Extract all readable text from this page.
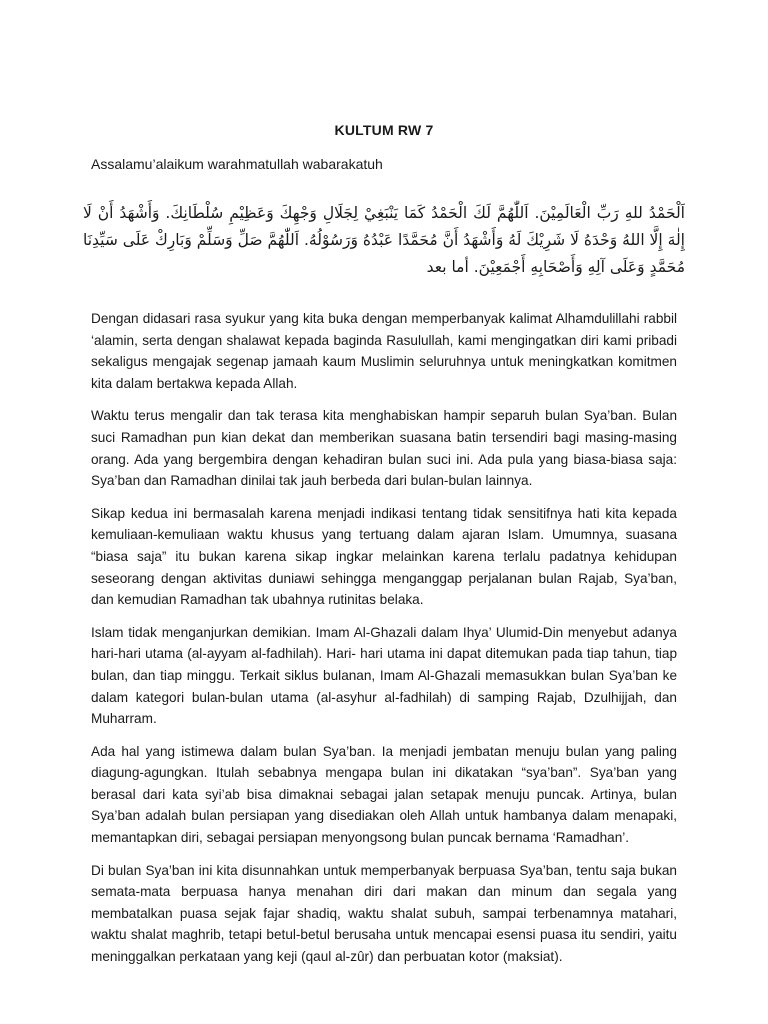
KULTUM RW 7
Assalamu’alaikum warahmatullah wabarakatuh
اَلْحَمْدُ للهِ رَبِّ الْعَالَمِيْنَ. اَللّٰهُمَّ لَكَ الْحَمْدُ كَمَا يَنْبَغِيْ لِجَلَالِ وَجْهِكَ وَعَظِيْمِ سُلْطَانِكَ. وَأَشْهَدُ أَنْ لَا إِلٰهَ إِلَّا اللهُ وَحْدَهُ لَا شَرِيْكَ لَهُ وَأَشْهَدُ أَنَّ مُحَمَّدًا عَبْدُهُ وَرَسُوْلُهُ. اَللّٰهُمَّ صَلِّ وَسَلِّمْ وَبَارِكْ عَلَى سَيِّدِنَا مُحَمَّدٍ وَعَلَى آلِهِ وَأَصْحَابِهِ أَجْمَعِيْنَ. أما بعد

Dengan didasari rasa syukur yang kita buka dengan memperbanyak kalimat Alhamdulillahi rabbil ‘alamin, serta dengan shalawat kepada baginda Rasulullah, kami mengingatkan diri kami pribadi sekaligus mengajak segenap jamaah kaum Muslimin seluruhnya untuk meningkatkan komitmen kita dalam bertakwa kepada Allah.

Waktu terus mengalir dan tak terasa kita menghabiskan hampir separuh bulan Sya’ban. Bulan suci Ramadhan pun kian dekat dan memberikan suasana batin tersendiri bagi masing-masing orang. Ada yang bergembira dengan kehadiran bulan suci ini. Ada pula yang biasa-biasa saja: Sya’ban dan Ramadhan dinilai tak jauh berbeda dari bulan-bulan lainnya.

Sikap kedua ini bermasalah karena menjadi indikasi tentang tidak sensitifnya hati kita kepada kemuliaan-kemuliaan waktu khusus yang tertuang dalam ajaran Islam. Umumnya, suasana “biasa saja” itu bukan karena sikap ingkar melainkan karena terlalu padatnya kehidupan seseorang dengan aktivitas duniawi sehingga menganggap perjalanan bulan Rajab, Sya’ban, dan kemudian Ramadhan tak ubahnya rutinitas belaka.

Islam tidak menganjurkan demikian. Imam Al-Ghazali dalam Ihya’ Ulumid-Din menyebut adanya hari-hari utama (al-ayyam al-fadhilah). Hari- hari utama ini dapat ditemukan pada tiap tahun, tiap bulan, dan tiap minggu. Terkait siklus bulanan, Imam Al-Ghazali memasukkan bulan Sya’ban ke dalam kategori bulan-bulan utama (al-asyhur al-fadhilah) di samping Rajab, Dzulhijjah, dan Muharram.

Ada hal yang istimewa dalam bulan Sya’ban. Ia menjadi jembatan menuju bulan yang paling diagung-agungkan. Itulah sebabnya mengapa bulan ini dikatakan “sya’ban”. Sya’ban yang berasal dari kata syi’ab bisa dimaknai sebagai jalan setapak menuju puncak. Artinya, bulan Sya’ban adalah bulan persiapan yang disediakan oleh Allah untuk hambanya dalam menapaki, memantapkan diri, sebagai persiapan menyongsong bulan puncak bernama ‘Ramadhan’.

Di bulan Sya’ban ini kita disunnahkan untuk memperbanyak berpuasa Sya’ban, tentu saja bukan semata-mata berpuasa hanya menahan diri dari makan dan minum dan segala yang membatalkan puasa sejak fajar shadiq, waktu shalat subuh, sampai terbenamnya matahari, waktu shalat maghrib, tetapi betul-betul berusaha untuk mencapai esensi puasa itu sendiri, yaitu meninggalkan perkataan yang keji (qaul al-zûr) dan perbuatan kotor (maksiat).
